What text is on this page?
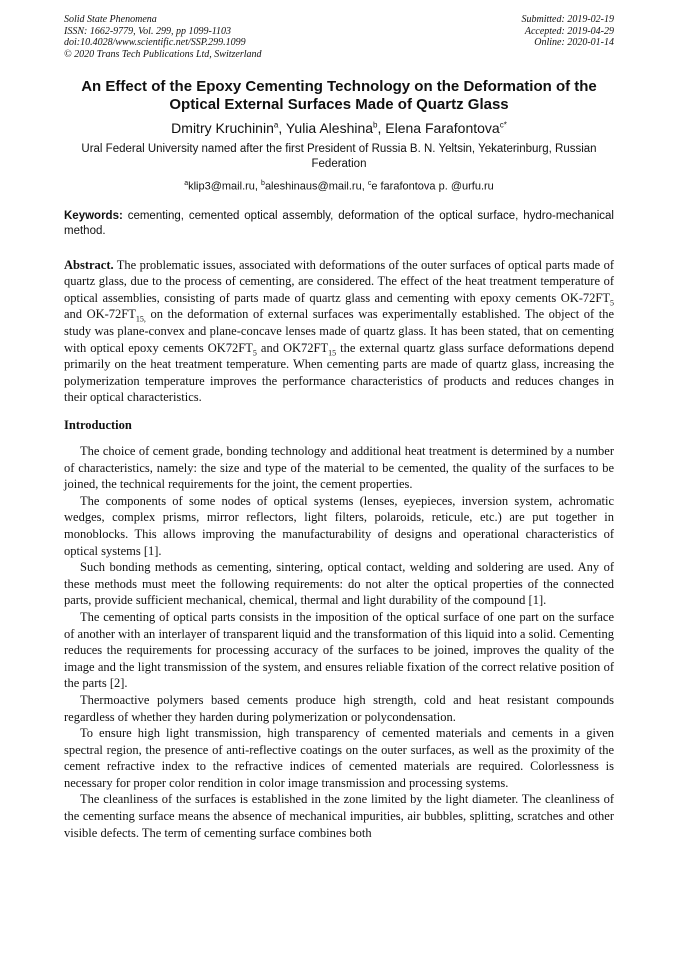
Solid State Phenomena
ISSN: 1662-9779, Vol. 299, pp 1099-1103
doi:10.4028/www.scientific.net/SSP.299.1099
© 2020 Trans Tech Publications Ltd, Switzerland
Submitted: 2019-02-19
Accepted: 2019-04-29
Online: 2020-01-14
An Effect of the Epoxy Cementing Technology on the Deformation of the Optical External Surfaces Made of Quartz Glass
Dmitry Kruchinin$^a$, Yulia Aleshina$^b$, Elena Farafontova$^{c*}$
Ural Federal University named after the first President of Russia B. N. Yeltsin, Yekaterinburg, Russian Federation
$^a$klip3@mail.ru, $^b$aleshinaus@mail.ru, $^c$e farafontova p. @urfu.ru
Keywords: cementing, cemented optical assembly, deformation of the optical surface, hydro-mechanical method.
Abstract. The problematic issues, associated with deformations of the outer surfaces of optical parts made of quartz glass, due to the process of cementing, are considered. The effect of the heat treatment temperature of optical assemblies, consisting of parts made of quartz glass and cementing with epoxy cements $OK-72FT_5$ and $OK-72FT_{15,}$ on the deformation of external surfaces was experimentally established. The object of the study was plane-convex and plane-concave lenses made of quartz glass. It has been stated, that on cementing with optical epoxy cements $OK72FT_5$ and $OK72FT_{15}$ the external quartz glass surface deformations depend primarily on the heat treatment temperature. When cementing parts are made of quartz glass, increasing the polymerization temperature improves the performance characteristics of products and reduces changes in their optical characteristics.
Introduction

The choice of cement grade, bonding technology and additional heat treatment is determined by a number of characteristics, namely: the size and type of the material to be cemented, the quality of the surfaces to be joined, the technical requirements for the joint, the cement properties.

The components of some nodes of optical systems (lenses, eyepieces, inversion system, achromatic wedges, complex prisms, mirror reflectors, light filters, polaroids, reticule, etc.) are put together in monoblocks. This allows improving the manufacturability of designs and operational characteristics of optical systems [1].

Such bonding methods as cementing, sintering, optical contact, welding and soldering are used. Any of these methods must meet the following requirements: do not alter the optical properties of the connected parts, provide sufficient mechanical, chemical, thermal and light durability of the compound [1].

The cementing of optical parts consists in the imposition of the optical surface of one part on the surface of another with an interlayer of transparent liquid and the transformation of this liquid into a solid. Cementing reduces the requirements for processing accuracy of the surfaces to be joined, improves the quality of the image and the light transmission of the system, and ensures reliable fixation of the correct relative position of the parts [2].

Thermoactive polymers based cements produce high strength, cold and heat resistant compounds regardless of whether they harden during polymerization or polycondensation.

To ensure high light transmission, high transparency of cemented materials and cements in a given spectral region, the presence of anti-reflective coatings on the outer surfaces, as well as the proximity of the cement refractive index to the refractive indices of cemented materials are required. Colorlessness is necessary for proper color rendition in color image transmission and processing systems.

The cleanliness of the surfaces is established in the zone limited by the light diameter. The cleanliness of the cementing surface means the absence of mechanical impurities, air bubbles, splitting, scratches and other visible defects. The term of cementing surface combines both
